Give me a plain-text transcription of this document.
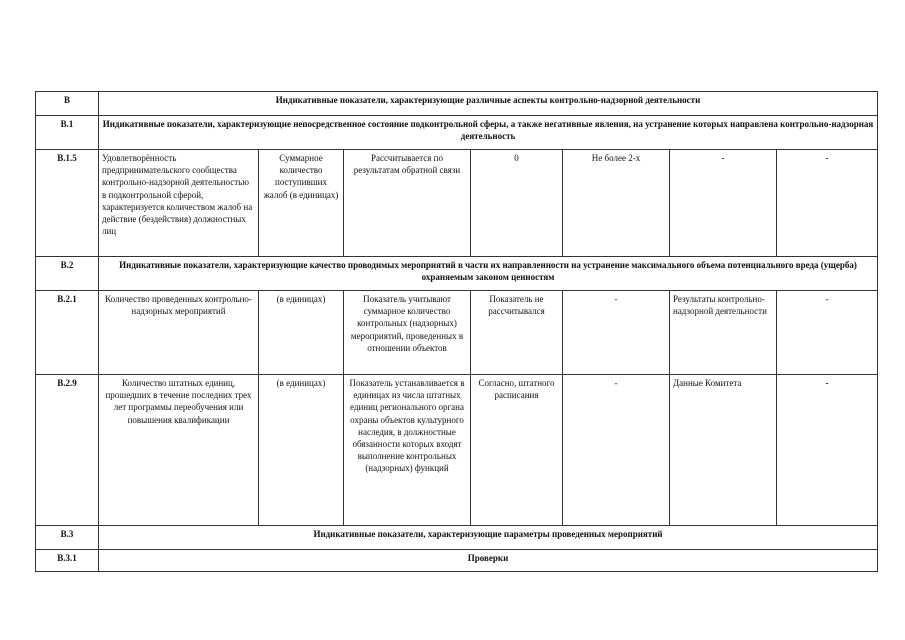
В	Индикативные показатели, характеризующие различные аспекты контрольно-надзорной деятельности						
В.1	Индикативные показатели, характеризующие непосредственное состояние подконтрольной сферы, а также негативные явления, на устранение которых направлена контрольно-надзорная деятельность						
В.1.5	Удовлетворённость предпринимательского сообщества контрольно-надзорной деятельностью в подконтрольной сферой, характеризуется количеством жалоб на действие (бездействия) должностных лиц	Суммарное количество поступивших жалоб (в единицах)	Рассчитывается по результатам обратной связи	0	Не более 2-х	-	-
В.2	Индикативные показатели, характеризующие качество проводимых мероприятий в части их направленности на устранение максимального объема потенциального вреда (ущерба) охраняемым законом ценностям						
В.2.1	Количество проведенных контрольно-надзорных мероприятий	(в единицах)	Показатель учитывают суммарное количество контрольных (надзорных) мероприятий, проведенных в отношении объектов	Показатель не рассчитывался	-	Результаты контрольно-надзорной деятельности	-
В.2.9	Количество штатных единиц, прошедших в течение последних трех лет программы переобучения или повышения квалификации	(в единицах)	Показатель устанавливается в единицах из числа штатных единиц регионального органа охраны объектов культурного наследия, в должностные обязанности которых входят выполнение контрольных (надзорных) функций	Согласно, штатного расписания	-	Данные Комитета	-
В.3	Индикативные показатели, характеризующие параметры проведенных мероприятий						
В.3.1	Проверки						
